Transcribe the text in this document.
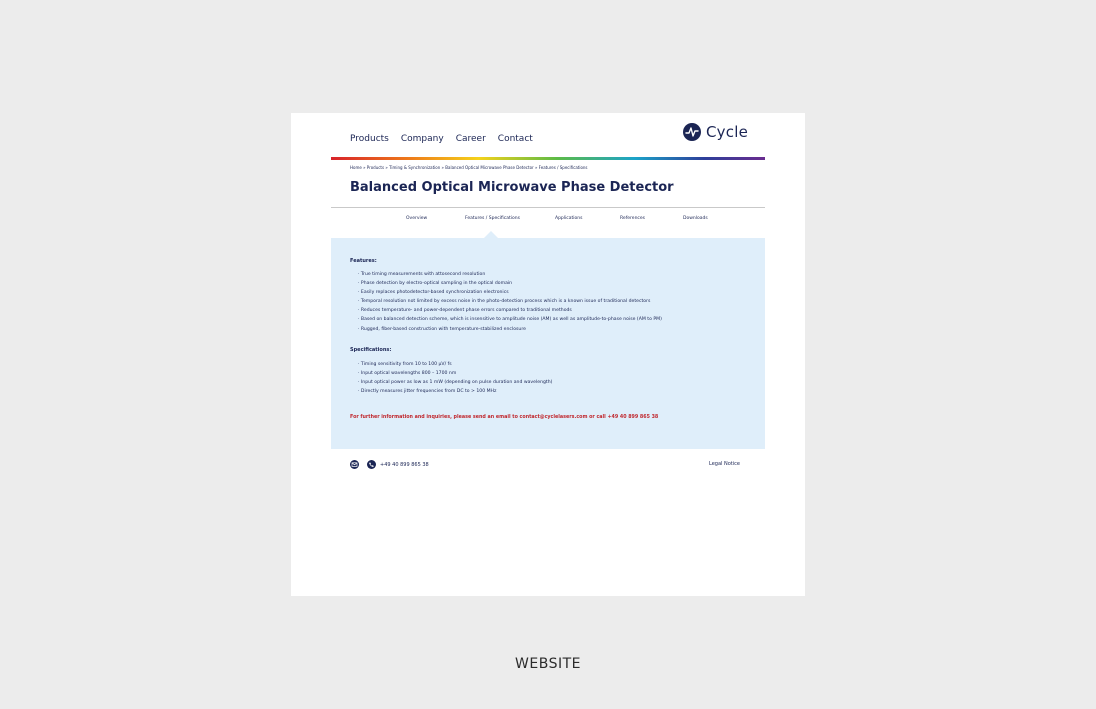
Products Company Career Contact	Cycle
Home » Products » Timing & Synchronization » Balanced Optical Microwave Phase Detector » Features / Specifications
Balanced Optical Microwave Phase Detector
Overview	Features / Specifications	Applications	References	Downloads
Features:
· True timing measurements with attosecond resolution
· Phase detection by electro-optical sampling in the optical domain
· Easily replaces photodetector-based synchronization electronics
· Temporal resolution not limited by excess noise in the photo-detection process which is a known issue of traditional detectors
· Reduces temperature- and power-dependent phase errors compared to traditional methods
· Based on balanced detection scheme, which is insensitive to amplitude noise (AM) as well as amplitude-to-phase noise (AM to PM)
· Rugged, fiber-based construction with temperature-stabilized enclosure
Specifications:
· Timing sensitivity from 10 to 100 µV/ fs
· Input optical wavelengths 800 – 1700 nm
· Input optical power as low as 1 mW (depending on pulse duration and wavelength)
· Directly measures jitter frequencies from DC to > 100 MHz
For further information and inquiries, please send an email to contact@cyclelasers.com or call +49 40 899 865 38
+49 40 899 865 38	Legal Notice
WEBSITE
